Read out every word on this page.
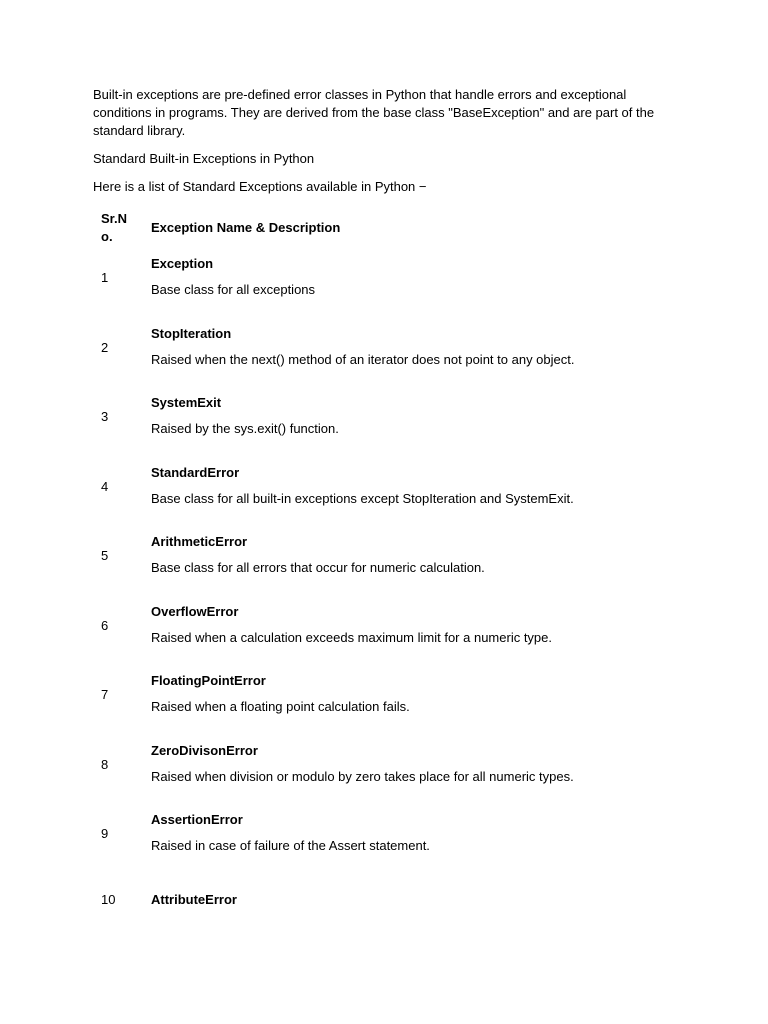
Built-in exceptions are pre-defined error classes in Python that handle errors and exceptional conditions in programs. They are derived from the base class "BaseException" and are part of the standard library.

Standard Built-in Exceptions in Python

Here is a list of Standard Exceptions available in Python −

Sr.No.
Exception Name & Description
1
Exception
Base class for all exceptions
2
StopIteration
Raised when the next() method of an iterator does not point to any object.
3
SystemExit
Raised by the sys.exit() function.
4
StandardError
Base class for all built-in exceptions except StopIteration and SystemExit.
5
ArithmeticError
Base class for all errors that occur for numeric calculation.
6
OverflowError
Raised when a calculation exceeds maximum limit for a numeric type.
7
FloatingPointError
Raised when a floating point calculation fails.
8
ZeroDivisonError
Raised when division or modulo by zero takes place for all numeric types.
9
AssertionError
Raised in case of failure of the Assert statement.
10	AttributeError
